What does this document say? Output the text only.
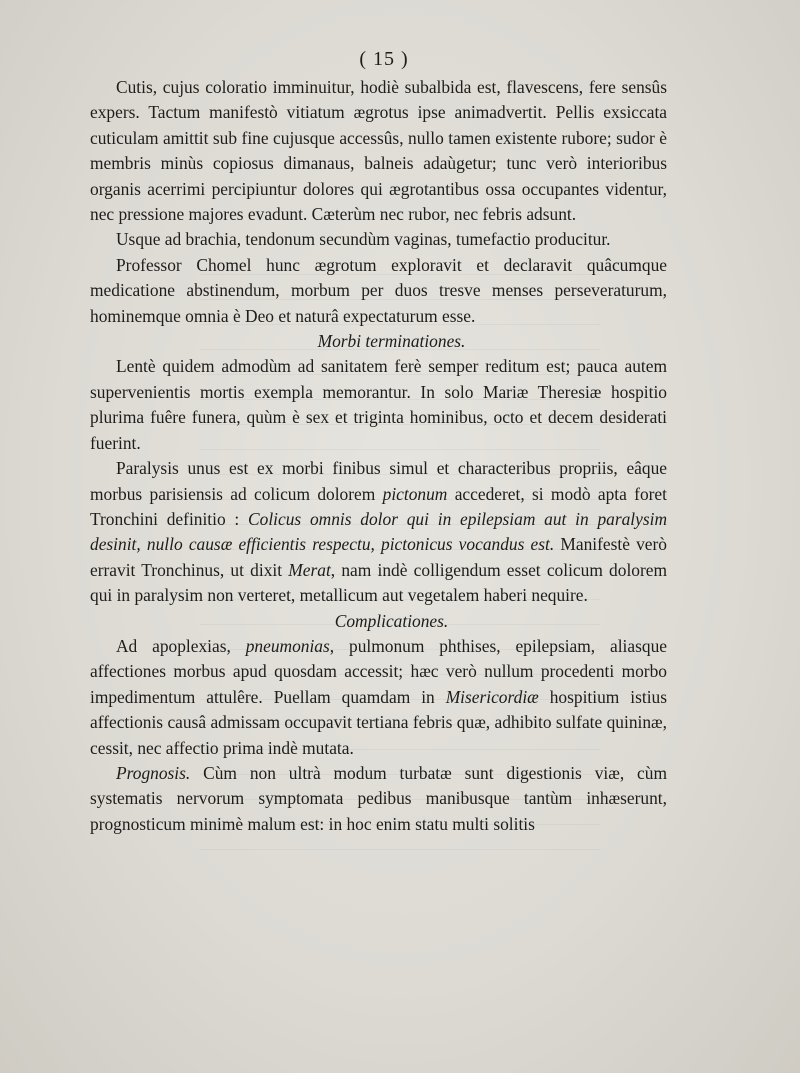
( 15 )

Cutis, cujus coloratio imminuitur, hodiè subalbida est, flavescens, fere sensûs expers. Tactum manifestò vitiatum ægrotus ipse animadvertit. Pellis exsiccata cuticulam amittit sub fine cujusque accessûs, nullo tamen existente rubore; sudor è membris minùs copiosus dimanaus, balneis adaùgetur; tunc verò interioribus organis acerrimi percipiuntur dolores qui ægrotantibus ossa occupantes videntur, nec pressione majores evadunt. Cæterùm nec rubor, nec febris adsunt.

Usque ad brachia, tendonum secundùm vaginas, tumefactio producitur.

Professor Chomel hunc ægrotum exploravit et declaravit quâcumque medicatione abstinendum, morbum per duos tresve menses perseveraturum, hominemque omnia è Deo et naturâ expectaturum esse.

Morbi terminationes.

Lentè quidem admodùm ad sanitatem ferè semper reditum est; pauca autem supervenientis mortis exempla memorantur. In solo Mariæ Theresiæ hospitio plurima fuêre funera, quùm è sex et triginta hominibus, octo et decem desiderati fuerint.

Paralysis unus est ex morbi finibus simul et characteribus propriis, eâque morbus parisiensis ad colicum dolorem pictonum accederet, si modò apta foret Tronchini definitio : Colicus omnis dolor qui in epilepsiam aut in paralysim desinit, nullo causæ efficientis respectu, pictonicus vocandus est. Manifestè verò erravit Tronchinus, ut dixit Merat, nam indè colligendum esset colicum dolorem qui in paralysim non verteret, metallicum aut vegetalem haberi nequire.

Complicationes.

Ad apoplexias, pneumonias, pulmonum phthises, epilepsiam, aliasque affectiones morbus apud quosdam accessit; hæc verò nullum procedenti morbo impedimentum attulêre. Puellam quamdam in Misericordiæ hospitium istius affectionis causâ admissam occupavit tertiana febris quæ, adhibito sulfate quininæ, cessit, nec affectio prima indè mutata.

Prognosis. Cùm non ultrà modum turbatæ sunt digestionis viæ, cùm systematis nervorum symptomata pedibus manibusque tantùm inhæserunt, prognosticum minimè malum est: in hoc enim statu multi solitis
